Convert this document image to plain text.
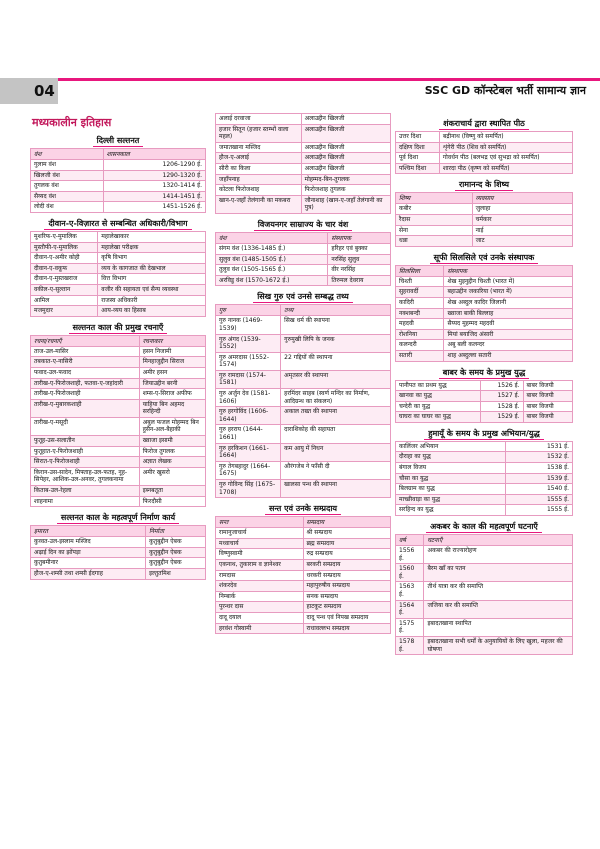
04	SSC GD कॉन्स्टेबल भर्ती सामान्य ज्ञान
मध्यकालीन इतिहास
दिल्ली सल्तनत
वंश	शासनकाल
गुलाम वंश	1206-1290 ई.
खिलजी वंश	1290-1320 ई.
तुगलक वंश	1320-1414 ई.
सैय्यद वंश	1414-1451 ई.
लोदी वंश	1451-1526 ई.
दीवान-ए-विज़ारत से सम्बन्धित अधिकारी/विभाग
मुशरिफ-ए-मुमालिक	महालेखाकार
मुस्तौफी-ए-मुमालिक	महालेखा परीक्षक
दीवान-ए-अमीर कोही	कृषि विभाग
दीवान-ए-वकूफ	व्यय के कागजात की देखभाल
दीवान-ए-मुस्तखराज	वित्त विभाग
वकील-ए-सुल्तान	वजीर की सहायता एवं सैन्य व्यवस्था
आमिल	राजस्व अधिकारी
मजमुदार	आय-व्यय का हिसाब
सल्तनत काल की प्रमुख रचनाएँ
रचना/रचनाएँ	रचनाकार
ताज-उल-मासिर	हसन निजामी
तबकात-ए-नासिरी	मिनहाजुद्दीन सिराज
फवाद-उल-फवाद	अमीर हसन
तारीख-ए-फिरोजशाही, फतवा-ए-जहांदारी	जियाउद्दीन बरनी
तारीख-ए-फिरोजशाही	शम्स-ए-सिराज अफीफ
तारीख-ए-मुबारकशाही	याहिया बिन अहमद सरहिन्दी
तारीख-ए-मसूदी	अबुल फजल मोहम्मद बिन हुसैन-अल-बैहाकी
फुतूह-उस-सलातीन	ख्वाजा इसामी
फुतूहात-ए-फिरोजशाही	फिरोज तुगलक
सिरात-ए-फिरोजशाही	अज्ञात लेखक
किरान-उस-सादेन, मिफ्ताह-उल-फतह, नूह-सिपेहर, आशिक-उल-अनवर, तुगलकनामा	अमीर खुसरो
किताब-उल-रेहला	इब्नबतूता
शाहनामा	फिरदौसी
सल्तनत काल के महत्वपूर्ण निर्माण कार्य
इमारत	निर्माता
कुव्वत-उल-इस्लाम मस्जिद	कुतुबुद्दीन ऐबक
अढ़ाई दिन का झोंपड़ा	कुतुबुद्दीन ऐबक
कुतुबमीनार	कुतुबुद्दीन ऐबक
हौज-ए-शम्सी तथा शम्सी ईदगाह	इल्तुतमिश
अलाई दरवाजा	अलाउद्दीन खिलजी
हजार सितून (हजार स्तम्भों वाला महल)	अलाउद्दीन खिलजी
जमातखाना मस्जिद	अलाउद्दीन खिलजी
हौज-ए-अलाई	अलाउद्दीन खिलजी
सीरी का किला	अलाउद्दीन खिलजी
जहाँपनाह	मोहम्मद-बिन-तुगलक
कोटला फिरोजशाह	फिरोजशाह तुगलक
खान-ए-जहाँ तेलंगानी का मकबरा	जौनाशाह (खान-ए-जहाँ तेलंगानी का पुत्र)
विजयनगर साम्राज्य के चार वंश
वंश	संस्थापक
संगम वंश (1336-1485 ई.)	हरिहर एवं बुक्का
सुलुव वंश (1485-1505 ई.)	नरसिंह सुलुव
तुलुव वंश (1505-1565 ई.)	वीर नरसिंह
अरविडु वंश (1570-1672 ई.)	तिरुमल देवराय
सिख गुरु एवं उनसे सम्बद्ध तथ्य
गुरु	तथ्य
गुरु नानक (1469-1539)	सिख धर्म की स्थापना
गुरु अंगद (1539-1552)	गुरुमुखी लिपि के जनक
गुरु अमरदास (1552-1574)	22 गद्दियों की स्थापना
गुरु रामदास (1574-1581)	अमृतसर की स्थापना
गुरु अर्जुन देव (1581-1606)	हरमिंदर साहब (स्वर्ण मन्दिर का निर्माण, आदिग्रन्थ का संकलन)
गुरु हरगोविंद (1606-1644)	अकाल तख्त की स्थापना
गुरु हरराय (1644-1661)	दाराशिकोह की सहायता
गुरु हरकिशन (1661-1664)	कम आयु में निधन
गुरु तेगबहादुर (1664-1675)	औरंगजेब ने फाँसी दी
गुरु गोविन्द सिंह (1675-1708)	खालसा पन्थ की स्थापना
सन्त एवं उनके सम्प्रदाय
सन्त	सम्प्रदाय
रामानुजाचार्य	श्री सम्प्रदाय
मध्वाचार्य	ब्रह्म सम्प्रदाय
विष्णुस्वामी	रुद्र सम्प्रदाय
एकनाथ, तुकाराम व ज्ञानेश्वर	बरकरी सम्प्रदाय
रामदास	धरकरी सम्प्रदाय
शंकरदेव	महापुरुषीय सम्प्रदाय
निम्बार्क	सनक सम्प्रदाय
पुरन्धर दास	हाटकूट सम्प्रदाय
दादू दयाल	दादू पन्थ एवं निपख सम्प्रदाय
हरवंश गोस्वामी	राधावल्लभ सम्प्रदाय
शंकराचार्य द्वारा स्थापित पीठ
उत्तर दिशा	बद्रीनाथ (विष्णु को समर्पित)
दक्षिण दिशा	शृंगेरी पीठ (शिव को समर्पित)
पूर्व दिशा	गोवर्धन पीठ (बलभद्र एवं सुभद्रा को समर्पित)
पश्चिम दिशा	शारदा पीठ (कृष्ण को समर्पित)
रामानन्द के शिष्य
शिष्य	व्यवसाय
कबीर	जुलाहा
रैदास	चर्मकार
सेना	नाई
धन्ना	जाट
सूफी सिलसिले एवं उनके संस्थापक
सिलसिला	संस्थापक
चिश्ती	शेख मुइनुद्दीन चिश्ती (भारत में)
सुहरावर्दी	बहाउद्दीन जकारिया (भारत में)
कादिरी	शेख अब्दुल कादिर जिलानी
नक्शबन्दी	ख्वाजा बाकी बिल्लाह
महदवी	सैय्यद मुहम्मद महदवी
रोशनिया	मियां बयाजिद अंसारी
कलन्दरी	अबु बली कलन्दर
सतारी	शाह अब्दुल्ला सतारी
बाबर के समय के प्रमुख युद्ध
पानीपत का प्रथम युद्ध	1526 ई.	बाबर विजयी
खानवा का युद्ध	1527 ई.	बाबर विजयी
चन्देरी का युद्ध	1528 ई.	बाबर विजयी
घाघरा का घाघर का युद्ध	1529 ई.	बाबर विजयी
हुमायूँ के समय के प्रमुख अभियान/युद्ध
कालिंजर अभियान	1531 ई.
दौराहा का युद्ध	1532 ई.
बंगाल विजय	1538 ई.
चौसा का युद्ध	1539 ई.
बिलग्राम का युद्ध	1540 ई.
माच्छीवाड़ा का युद्ध	1555 ई.
सरहिन्द का युद्ध	1555 ई.
अकबर के काल की महत्वपूर्ण घटनाएँ
वर्ष	घटनाएँ
1556 ई.	अकबर की राज्यारोहण
1560 ई.	बैरम खाँ का पतन
1563 ई.	तीर्थ यात्रा कर की समाप्ति
1564 ई.	जजिया कर की समाप्ति
1575 ई.	इबादतखाना स्थापित
1578 ई.	इबादतखाना सभी धर्मों के अनुयायियों के लिए खुला, महजर की घोषणा
